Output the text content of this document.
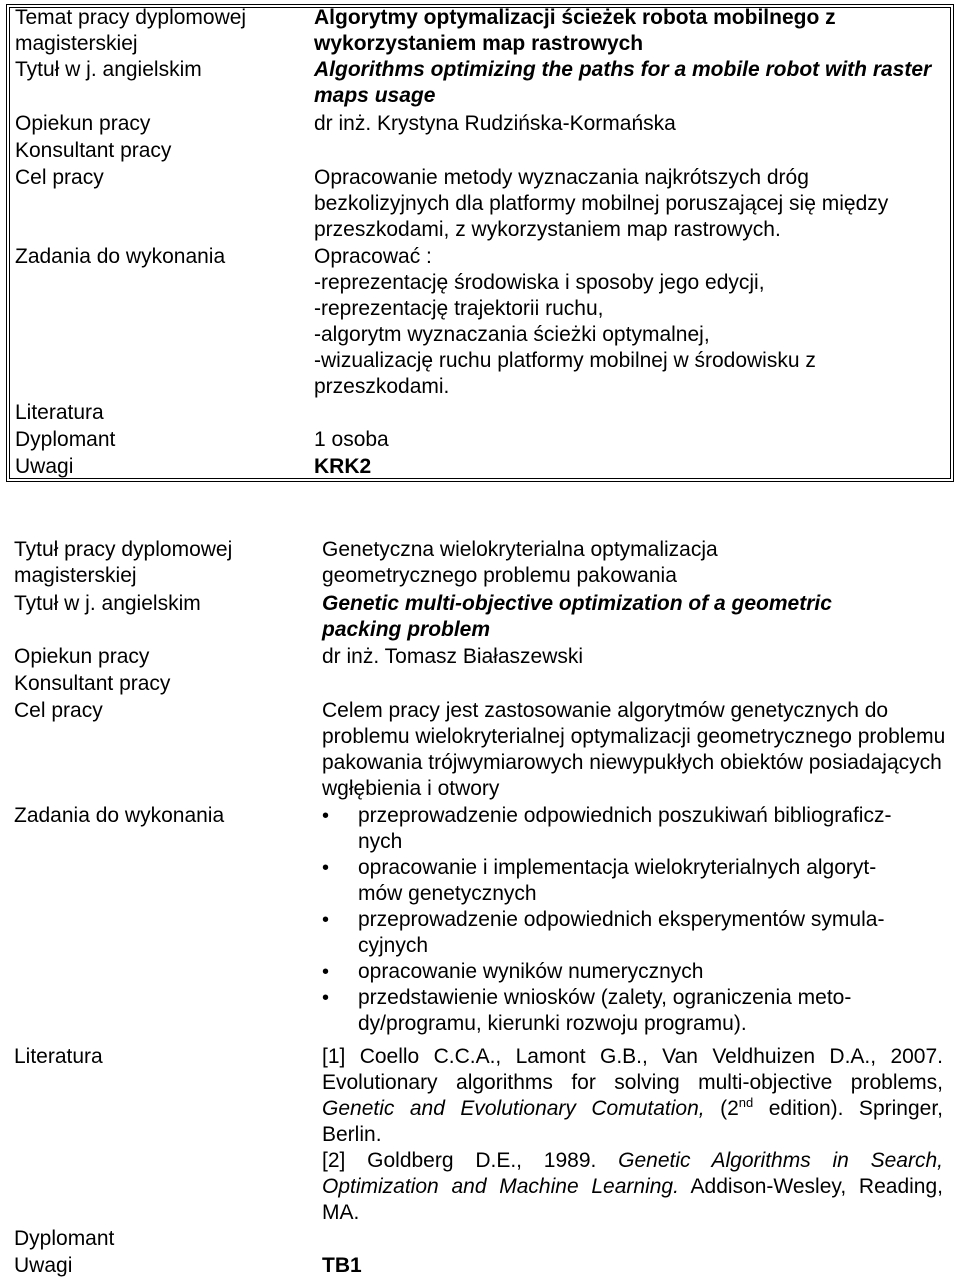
Temat pracy dyplomowej magisterskiej
Algorytmy optymalizacji ścieżek robota mobilnego z wykorzystaniem map rastrowych
Tytuł w j. angielskim	Algorithms optimizing the paths for a mobile robot with raster maps usage
Opiekun pracy	dr inż. Krystyna Rudzińska-Kormańska
Konsultant pracy
Cel pracy	Opracowanie metody wyznaczania najkrótszych dróg bezkolizyjnych dla platformy mobilnej poruszającej się między przeszkodami, z wykorzystaniem map rastrowych.
Zadania do wykonania	Opracować :
-reprezentację środowiska i sposoby jego edycji,
-reprezentację trajektorii ruchu,
-algorytm wyznaczania ścieżki optymalnej,
-wizualizację ruchu platformy mobilnej w środowisku z przeszkodami.
Literatura
Dyplomant	1 osoba
Uwagi	KRK2
Tytuł pracy dyplomowej magisterskiej
Genetyczna wielokryterialna optymalizacja geometrycznego problemu pakowania
Tytuł w j. angielskim	Genetic multi-objective optimization of a geometric packing problem
Opiekun pracy	dr inż. Tomasz Białaszewski
Konsultant pracy
Cel pracy	Celem pracy jest zastosowanie algorytmów genetycznych do problemu wielokryterialnej optymalizacji geometrycznego problemu pakowania trójwymiarowych niewypukłych obiektów posiadających wgłębienia i otwory
Zadania do wykonania
•	przeprowadzenie odpowiednich poszukiwań bibliograficz-nych
• opracowanie i implementacja wielokryterialnych algoryt-mów genetycznych
• przeprowadzenie odpowiednich eksperymentów symula-cyjnych
• opracowanie wyników numerycznych
• przedstawienie wniosków (zalety, ograniczenia meto-dy/programu, kierunki rozwoju programu).
Literatura	[1] Coello C.C.A., Lamont G.B., Van Veldhuizen D.A., 2007. Evolutionary algorithms for solving multi-objective problems, Genetic and Evolutionary Comutation, (2nd edition). Springer, Berlin.

[2] Goldberg D.E., 1989. Genetic Algorithms in Search, Optimization and Machine Learning. Addison-Wesley, Reading, MA.

Dyplomant
Uwagi	TB1
